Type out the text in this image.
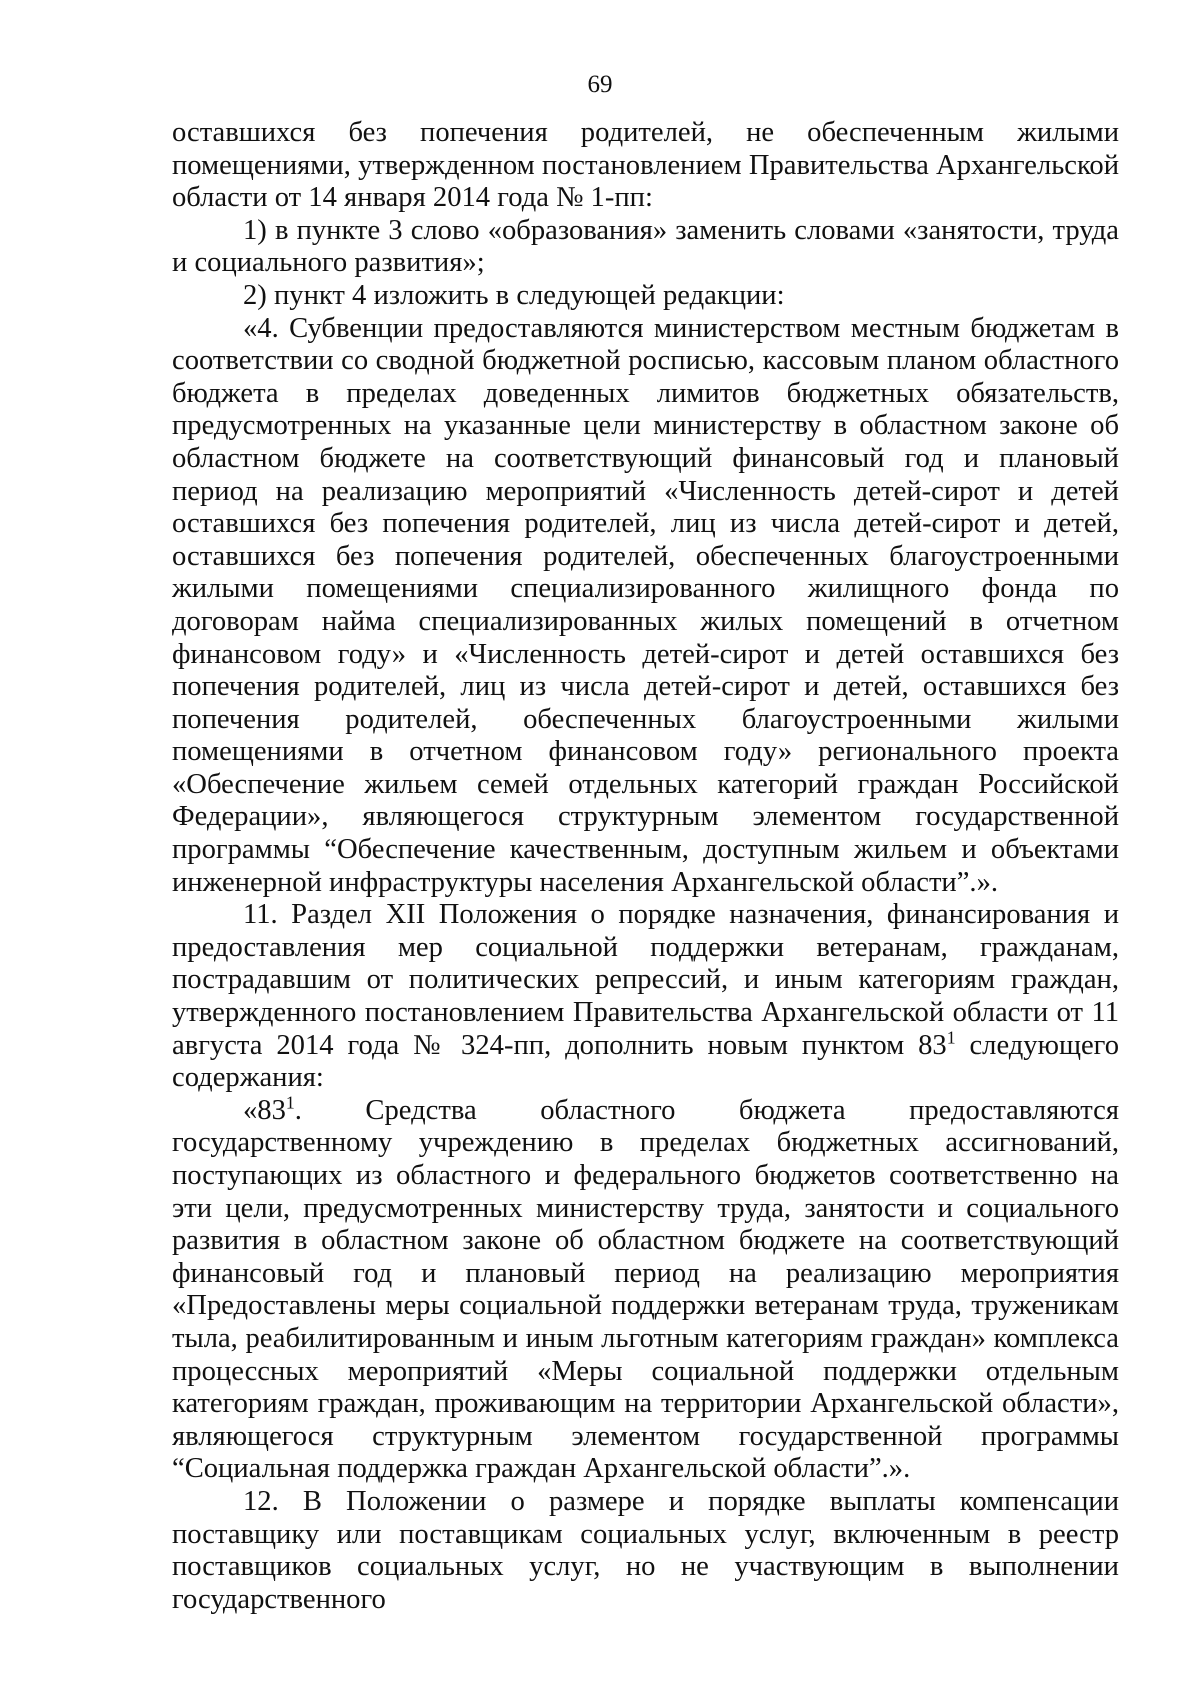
69

оставшихся без попечения родителей, не обеспеченным жилыми помещениями, утвержденном постановлением Правительства Архангельской области от 14 января 2014 года № 1-пп:

1) в пункте 3 слово «образования» заменить словами «занятости, труда и социального развития»;

2) пункт 4 изложить в следующей редакции:

«4. Субвенции предоставляются министерством местным бюджетам в соответствии со сводной бюджетной росписью, кассовым планом областного бюджета в пределах доведенных лимитов бюджетных обязательств, предусмотренных на указанные цели министерству в областном законе об областном бюджете на соответствующий финансовый год и плановый период на реализацию мероприятий «Численность детей-сирот и детей оставшихся без попечения родителей, лиц из числа детей-сирот и детей, оставшихся без попечения родителей, обеспеченных благоустроенными жилыми помещениями специализированного жилищного фонда по договорам найма специализированных жилых помещений в отчетном финансовом году» и «Численность детей-сирот и детей оставшихся без попечения родителей, лиц из числа детей-сирот и детей, оставшихся без попечения родителей, обеспеченных благоустроенными жилыми помещениями в отчетном финансовом году» регионального проекта «Обеспечение жильем семей отдельных категорий граждан Российской Федерации», являющегося структурным элементом государственной программы “Обеспечение качественным, доступным жильем и объектами инженерной инфраструктуры населения Архангельской области”.».

11. Раздел XII Положения о порядке назначения, финансирования и предоставления мер социальной поддержки ветеранам, гражданам, пострадавшим от политических репрессий, и иным категориям граждан, утвержденного постановлением Правительства Архангельской области от 11 августа 2014 года № 324-пп, дополнить новым пунктом $83^1$ следующего содержания:

«$83^1$. Средства областного бюджета предоставляются государственному учреждению в пределах бюджетных ассигнований, поступающих из областного и федерального бюджетов соответственно на эти цели, предусмотренных министерству труда, занятости и социального развития в областном законе об областном бюджете на соответствующий финансовый год и плановый период на реализацию мероприятия «Предоставлены меры социальной поддержки ветеранам труда, труженикам тыла, реабилитированным и иным льготным категориям граждан» комплекса процессных мероприятий «Меры социальной поддержки отдельным категориям граждан, проживающим на территории Архангельской области», являющегося структурным элементом государственной программы “Социальная поддержка граждан Архангельской области”.».

12. В Положении о размере и порядке выплаты компенсации поставщику или поставщикам социальных услуг, включенным в реестр поставщиков социальных услуг, но не участвующим в выполнении государственного
